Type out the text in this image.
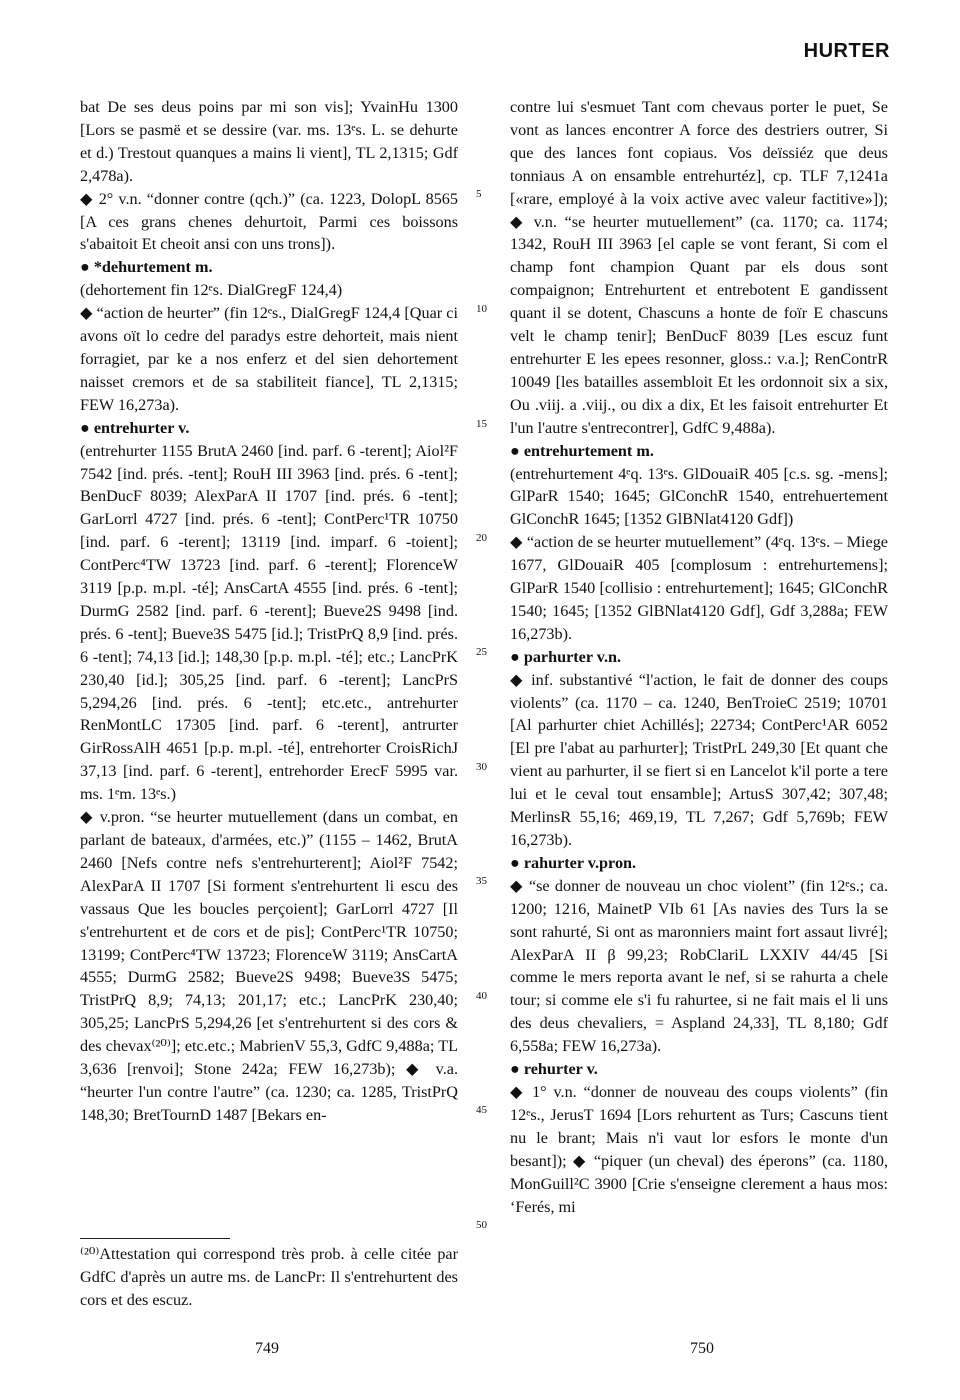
HURTER

bat De ses deus poins par mi son vis]; YvainHu 1300 [Lors se pasmë et se dessire (var. ms. 13ᵉs. L. se dehurte et d.) Trestout quanques a mains li vient], TL 2,1315; Gdf 2,478a).

◆ 2° v.n. “donner contre (qch.)” (ca. 1223, DolopL 8565 [A ces grans chenes dehurtoit, Parmi ces boissons s'abaitoit Et cheoit ansi con uns trons]).

● *dehurtement m.

(dehortement fin 12ᵉs. DialGregF 124,4)

◆ “action de heurter” (fin 12ᵉs., DialGregF 124,4 [Quar ci avons oït lo cedre del paradys estre dehorteit, mais nient forragiet, par ke a nos enferz et del sien dehortement naisset cremors et de sa stabiliteit fiance], TL 2,1315; FEW 16,273a).

● entrehurter v.

(entrehurter 1155 BrutA 2460 [ind. parf. 6 -terent]; Aiol²F 7542 [ind. prés. -tent]; RouH III 3963 [ind. prés. 6 -tent]; BenDucF 8039; AlexParA II 1707 [ind. prés. 6 -tent]; GarLorrl 4727 [ind. prés. 6 -tent]; ContPerc¹TR 10750 [ind. parf. 6 -terent]; 13119 [ind. imparf. 6 -toient]; ContPerc⁴TW 13723 [ind. parf. 6 -terent]; FlorenceW 3119 [p.p. m.pl. -té]; AnsCartA 4555 [ind. prés. 6 -tent]; DurmG 2582 [ind. parf. 6 -terent]; Bueve2S 9498 [ind. prés. 6 -tent]; Bueve3S 5475 [id.]; TristPrQ 8,9 [ind. prés. 6 -tent]; 74,13 [id.]; 148,30 [p.p. m.pl. -té]; etc.; LancPrK 230,40 [id.]; 305,25 [ind. parf. 6 -terent]; LancPrS 5,294,26 [ind. prés. 6 -tent]; etc.etc., antrehurter RenMontLC 17305 [ind. parf. 6 -terent], antrurter GirRossAlH 4651 [p.p. m.pl. -té], entrehorter CroisRichJ 37,13 [ind. parf. 6 -terent], entrehorder ErecF 5995 var. ms. 1ᵉm. 13ᵉs.)

◆ v.pron. “se heurter mutuellement (dans un combat, en parlant de bateaux, d'armées, etc.)” (1155 – 1462, BrutA 2460 [Nefs contre nefs s'entrehurterent]; Aiol²F 7542; AlexParA II 1707 [Si forment s'entrehurtent li escu des vassaus Que les boucles perçoient]; GarLorrl 4727 [Il s'entrehurtent et de cors et de pis]; ContPerc¹TR 10750; 13199; ContPerc⁴TW 13723; FlorenceW 3119; AnsCartA 4555; DurmG 2582; Bueve2S 9498; Bueve3S 5475; TristPrQ 8,9; 74,13; 201,17; etc.; LancPrK 230,40; 305,25; LancPrS 5,294,26 [et s'entrehurtent si des cors & des chevax⁽²⁰⁾]; etc.etc.; MabrienV 55,3, GdfC 9,488a; TL 3,636 [renvoi]; Stone 242a; FEW 16,273b); ◆ v.a. “heurter l'un contre l'autre” (ca. 1230; ca. 1285, TristPrQ 148,30; BretTournD 1487 [Bekars en-

5
10
15
20
25
30
35
40
45
50

contre lui s'esmuet Tant com chevaus porter le puet, Se vont as lances encontrer A force des destriers outrer, Si que des lances font copiaus. Vos deïssiéz que deus tonniaus A on ensamble entrehurtéz], cp. TLF 7,1241a [«rare, employé à la voix active avec valeur factitive»]); ◆ v.n. “se heurter mutuellement” (ca. 1170; ca. 1174; 1342, RouH III 3963 [el caple se vont ferant, Si com el champ font champion Quant par els dous sont compaignon; Entrehurtent et entrebotent E gandissent quant il se dotent, Chascuns a honte de foïr E chascuns velt le champ tenir]; BenDucF 8039 [Les escuz funt entrehurter E les epees resonner, gloss.: v.a.]; RenContrR 10049 [les batailles assembloit Et les ordonnoit six a six, Ou .viij. a .viij., ou dix a dix, Et les faisoit entrehurter Et l'un l'autre s'entrecontrer], GdfC 9,488a).

● entrehurtement m.

(entrehurtement 4ᵉq. 13ᵉs. GlDouaiR 405 [c.s. sg. -mens]; GlParR 1540; 1645; GlConchR 1540, entrehuertement GlConchR 1645; [1352 GlBNlat4120 Gdf])

◆ “action de se heurter mutuellement” (4ᵉq. 13ᵉs. – Miege 1677, GlDouaiR 405 [complosum : entrehurtemens]; GlParR 1540 [collisio : entrehurtement]; 1645; GlConchR 1540; 1645; [1352 GlBNlat4120 Gdf], Gdf 3,288a; FEW 16,273b).

● parhurter v.n.

◆ inf. substantivé “l'action, le fait de donner des coups violents” (ca. 1170 – ca. 1240, BenTroieC 2519; 10701 [Al parhurter chiet Achillés]; 22734; ContPerc¹AR 6052 [El pre l'abat au parhurter]; TristPrL 249,30 [Et quant che vient au parhurter, il se fiert si en Lancelot k'il porte a tere lui et le ceval tout ensamble]; ArtusS 307,42; 307,48; MerlinsR 55,16; 469,19, TL 7,267; Gdf 5,769b; FEW 16,273b).

● rahurter v.pron.

◆ “se donner de nouveau un choc violent” (fin 12ᵉs.; ca. 1200; 1216, MainetP VIb 61 [As navies des Turs la se sont rahurté, Si ont as maronniers maint fort assaut livré]; AlexParA II β 99,23; RobClariL LXXIV 44/45 [Si comme le mers reporta avant le nef, si se rahurta a chele tour; si comme ele s'i fu rahurtee, si ne fait mais el li uns des deus chevaliers, = Aspland 24,33], TL 8,180; Gdf 6,558a; FEW 16,273a).

● rehurter v.

◆ 1° v.n. “donner de nouveau des coups violents” (fin 12ᵉs., JerusT 1694 [Lors rehurtent as Turs; Cascuns tient nu le brant; Mais n'i vaut lor esfors le monte d'un besant]); ◆ “piquer (un cheval) des éperons” (ca. 1180, MonGuill²C 3900 [Crie s'enseigne clerement a haus mos: ‘Ferés, mi

⁽²⁰⁾Attestation qui correspond très prob. à celle citée par GdfC d'après un autre ms. de LancPr: Il s'entrehurtent des cors et des escuz.
749	750
